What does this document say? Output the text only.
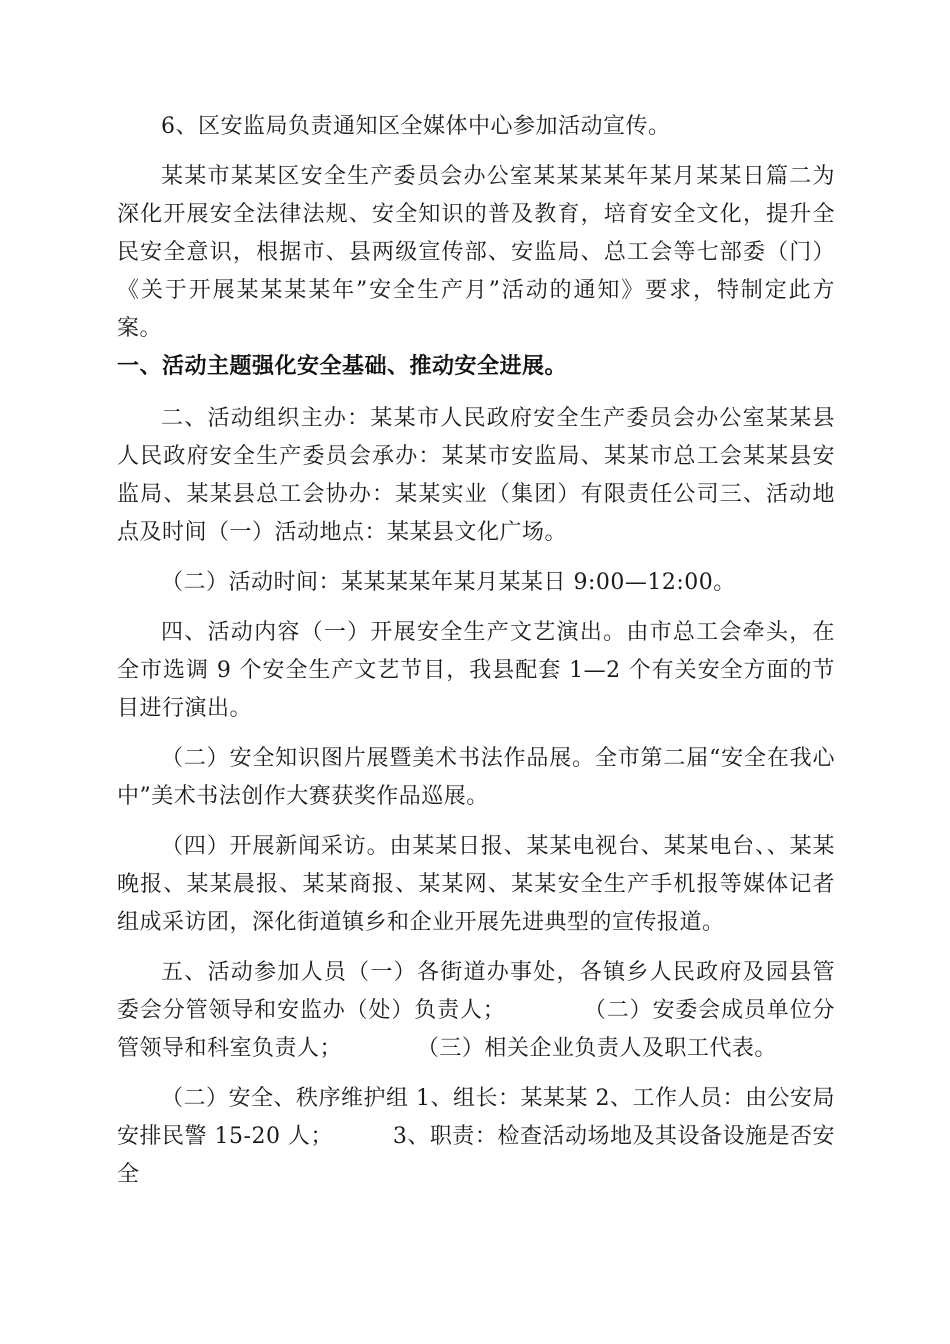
6、区安监局负责通知区全媒体中心参加活动宣传。

某某市某某区安全生产委员会办公室某某某某年某月某某日篇二为深化开展安全法律法规、安全知识的普及教育，培育安全文化，提升全民安全意识，根据市、县两级宣传部、安监局、总工会等七部委（门）《关于开展某某某某年”安全生产月”活动的通知》要求，特制定此方案。

一、活动主题强化安全基础、推动安全进展。

二、活动组织主办：某某市人民政府安全生产委员会办公室某某县人民政府安全生产委员会承办：某某市安监局、某某市总工会某某县安监局、某某县总工会协办：某某实业（集团）有限责任公司三、活动地点及时间（一）活动地点：某某县文化广场。

（二）活动时间：某某某某年某月某某日 9:00—12:00。

四、活动内容（一）开展安全生产文艺演出。由市总工会牵头，在全市选调 9 个安全生产文艺节目，我县配套 1—2 个有关安全方面的节目进行演出。

（二）安全知识图片展暨美术书法作品展。全市第二届“安全在我心中”美术书法创作大赛获奖作品巡展。

（四）开展新闻采访。由某某日报、某某电视台、某某电台、、某某晚报、某某晨报、某某商报、某某网、某某安全生产手机报等媒体记者组成采访团，深化街道镇乡和企业开展先进典型的宣传报道。

五、活动参加人员（一）各街道办事处，各镇乡人民政府及园县管委会分管领导和安监办（处）负责人；          （二）安委会成员单位分管领导和科室负责人；          （三）相关企业负责人及职工代表。

（二）安全、秩序维护组 1、组长：某某某 2、工作人员：由公安局安排民警 15-20 人；        3、职责：检查活动场地及其设备设施是否安全
